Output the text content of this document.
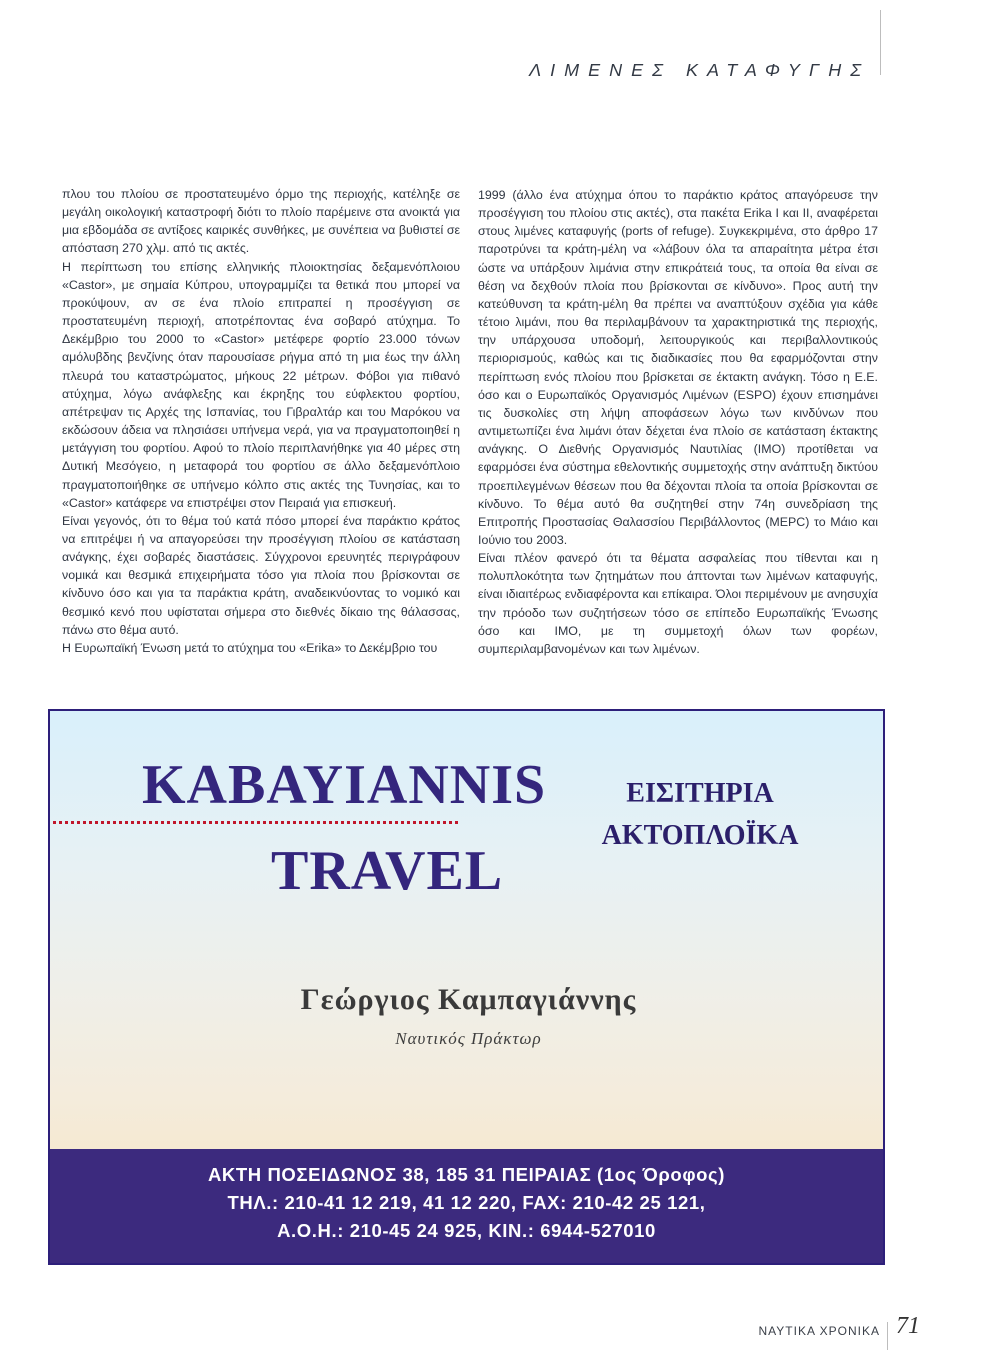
ΛΙΜΕΝΕΣ ΚΑΤΑΦΥΓΗΣ

πλου του πλοίου σε προστατευμένο όρμο της περιοχής, κατέληξε σε μεγάλη οικολογική καταστροφή διότι το πλοίο παρέμεινε στα ανοικτά για μια εβδομάδα σε αντίξοες καιρικές συνθήκες, με συνέπεια να βυθιστεί σε απόσταση 270 χλμ. από τις ακτές.

Η περίπτωση του επίσης ελληνικής πλοιοκτησίας δεξαμενόπλοιου «Castor», με σημαία Κύπρου, υπογραμμίζει τα θετικά που μπορεί να προκύψουν, αν σε ένα πλοίο επιτραπεί η προσέγγιση σε προστατευμένη περιοχή, αποτρέποντας ένα σοβαρό ατύχημα. Το Δεκέμβριο του 2000 το «Castor» μετέφερε φορτίο 23.000 τόνων αμόλυβδης βενζίνης όταν παρουσίασε ρήγμα από τη μια έως την άλλη πλευρά του καταστρώματος, μήκους 22 μέτρων. Φόβοι για πιθανό ατύχημα, λόγω ανάφλεξης και έκρηξης του εύφλεκτου φορτίου, απέτρεψαν τις Αρχές της Ισπανίας, του Γιβραλτάρ και του Μαρόκου να εκδώσουν άδεια να πλησιάσει υπήνεμα νερά, για να πραγματοποιηθεί η μετάγγιση του φορτίου. Αφού το πλοίο περιπλανήθηκε για 40 μέρες στη Δυτική Μεσόγειο, η μεταφορά του φορτίου σε άλλο δεξαμενόπλοιο πραγματοποιήθηκε σε υπήνεμο κόλπο στις ακτές της Τυνησίας, και το «Castor» κατάφερε να επιστρέψει στον Πειραιά για επισκευή.

Είναι γεγονός, ότι το θέμα τού κατά πόσο μπορεί ένα παράκτιο κράτος να επιτρέψει ή να απαγορεύσει την προσέγγιση πλοίου σε κατάσταση ανάγκης, έχει σοβαρές διαστάσεις. Σύγχρονοι ερευνητές περιγράφουν νομικά και θεσμικά επιχειρήματα τόσο για πλοία που βρίσκονται σε κίνδυνο όσο και για τα παράκτια κράτη, αναδεικνύοντας το νομικό και θεσμικό κενό που υφίσταται σήμερα στο διεθνές δίκαιο της θάλασσας, πάνω στο θέμα αυτό.

Η Ευρωπαϊκή Ένωση μετά το ατύχημα του «Erika» το Δεκέμβριο του

1999 (άλλο ένα ατύχημα όπου το παράκτιο κράτος απαγόρευσε την προσέγγιση του πλοίου στις ακτές), στα πακέτα Erika I και II, αναφέρεται στους λιμένες καταφυγής (ports of refuge). Συγκεκριμένα, στο άρθρο 17 παροτρύνει τα κράτη-μέλη να «λάβουν όλα τα απαραίτητα μέτρα έτσι ώστε να υπάρξουν λιμάνια στην επικράτειά τους, τα οποία θα είναι σε θέση να δεχθούν πλοία που βρίσκονται σε κίνδυνο». Προς αυτή την κατεύθυνση τα κράτη-μέλη θα πρέπει να αναπτύξουν σχέδια για κάθε τέτοιο λιμάνι, που θα περιλαμβάνουν τα χαρακτηριστικά της περιοχής, την υπάρχουσα υποδομή, λειτουργικούς και περιβαλλοντικούς περιορισμούς, καθώς και τις διαδικασίες που θα εφαρμόζονται στην περίπτωση ενός πλοίου που βρίσκεται σε έκτακτη ανάγκη. Τόσο η Ε.Ε. όσο και ο Ευρωπαϊκός Οργανισμός Λιμένων (ESPO) έχουν επισημάνει τις δυσκολίες στη λήψη αποφάσεων λόγω των κινδύνων που αντιμετωπίζει ένα λιμάνι όταν δέχεται ένα πλοίο σε κατάσταση έκτακτης ανάγκης. Ο Διεθνής Οργανισμός Ναυτιλίας (ΙΜΟ) προτίθεται να εφαρμόσει ένα σύστημα εθελοντικής συμμετοχής στην ανάπτυξη δικτύου προεπιλεγμένων θέσεων που θα δέχονται πλοία τα οποία βρίσκονται σε κίνδυνο. Το θέμα αυτό θα συζητηθεί στην 74η συνεδρίαση της Επιτροπής Προστασίας Θαλασσίου Περιβάλλοντος (MEPC) το Μάιο και Ιούνιο του 2003.

Είναι πλέον φανερό ότι τα θέματα ασφαλείας που τίθενται και η πολυπλοκότητα των ζητημάτων που άπτονται των λιμένων καταφυγής, είναι ιδιαιτέρως ενδιαφέροντα και επίκαιρα. Όλοι περιμένουν με ανησυχία την πρόοδο των συζητήσεων τόσο σε επίπεδο Ευρωπαϊκής Ένωσης όσο και ΙΜΟ, με τη συμμετοχή όλων των φορέων, συμπεριλαμβανομένων και των λιμένων.

KABAYIANNIS
TRAVEL
ΕΙΣΙΤΗΡΙΑ
ΑΚΤΟΠΛΟΪΚΑ
Γεώργιος Καμπαγιάννης
Ναυτικός Πράκτωρ
ΑΚΤΗ ΠΟΣΕΙΔΩΝΟΣ 38, 185 31 ΠΕΙΡΑΙΑΣ (1ος Όροφος)
ΤΗΛ.: 210-41 12 219, 41 12 220, FAX: 210-42 25 121,
Α.Ο.Η.: 210-45 24 925, ΚΙΝ.: 6944-527010
ΝΑΥΤΙΚΑ ΧΡΟΝΙΚΑ 71
